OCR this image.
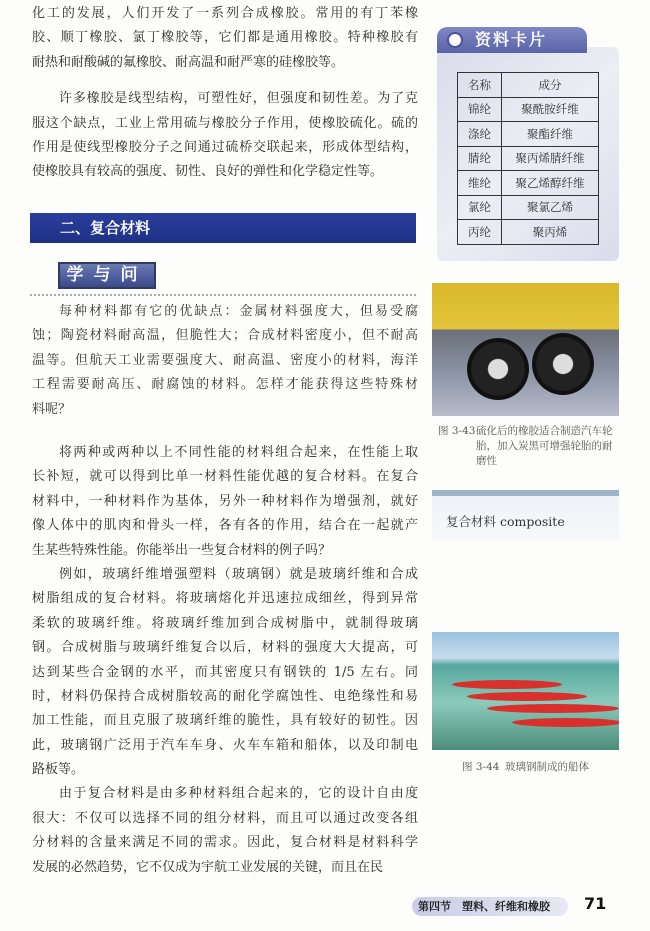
化工的发展，人们开发了一系列合成橡胶。常用的有丁苯橡
胶、顺丁橡胶、氯丁橡胶等，它们都是通用橡胶。特种橡胶有
耐热和耐酸碱的氟橡胶、耐高温和耐严寒的硅橡胶等。
许多橡胶是线型结构，可塑性好，但强度和韧性差。为了克
服这个缺点，工业上常用硫与橡胶分子作用，使橡胶硫化。硫的
作用是使线型橡胶分子之间通过硫桥交联起来，形成体型结构，
使橡胶具有较高的强度、韧性、良好的弹性和化学稳定性等。
二、复合材料
学与问
每种材料都有它的优缺点：金属材料强度大，但易受腐
蚀；陶瓷材料耐高温，但脆性大；合成材料密度小，但不耐高
温等。但航天工业需要强度大、耐高温、密度小的材料，海洋
工程需要耐高压、耐腐蚀的材料。怎样才能获得这些特殊材
料呢？
将两种或两种以上不同性能的材料组合起来，在性能上取
长补短，就可以得到比单一材料性能优越的复合材料。在复合
材料中，一种材料作为基体，另外一种材料作为增强剂，就好
像人体中的肌肉和骨头一样，各有各的作用，结合在一起就产
生某些特殊性能。你能举出一些复合材料的例子吗？
例如，玻璃纤维增强塑料（玻璃钢）就是玻璃纤维和合成
树脂组成的复合材料。将玻璃熔化并迅速拉成细丝，得到异常
柔软的玻璃纤维。将玻璃纤维加到合成树脂中，就制得玻璃
钢。合成树脂与玻璃纤维复合以后，材料的强度大大提高，可
达到某些合金钢的水平，而其密度只有钢铁的 1/5 左右。同
时，材料仍保持合成树脂较高的耐化学腐蚀性、电绝缘性和易
加工性能，而且克服了玻璃纤维的脆性，具有较好的韧性。因
此，玻璃钢广泛用于汽车车身、火车车箱和船体，以及印制电
路板等。
由于复合材料是由多种材料组合起来的，它的设计自由度
很大：不仅可以选择不同的组分材料，而且可以通过改变各组
分材料的含量来满足不同的需求。因此，复合材料是材料科学
发展的必然趋势，它不仅成为宇航工业发展的关键，而且在民
资料卡片
名称	成分
锦纶	聚酰胺纤维
涤纶	聚酯纤维
腈纶	聚丙烯腈纤维
维纶	聚乙烯醇纤维
氯纶	聚氯乙烯
丙纶	聚丙烯
图 3-43 硫化后的橡胶适合制造汽车轮胎，加入炭黑可增强轮胎的耐磨性
复合材料 composite
图 3-44 玻璃钢制成的船体
第四节　塑料、纤维和橡胶	71
